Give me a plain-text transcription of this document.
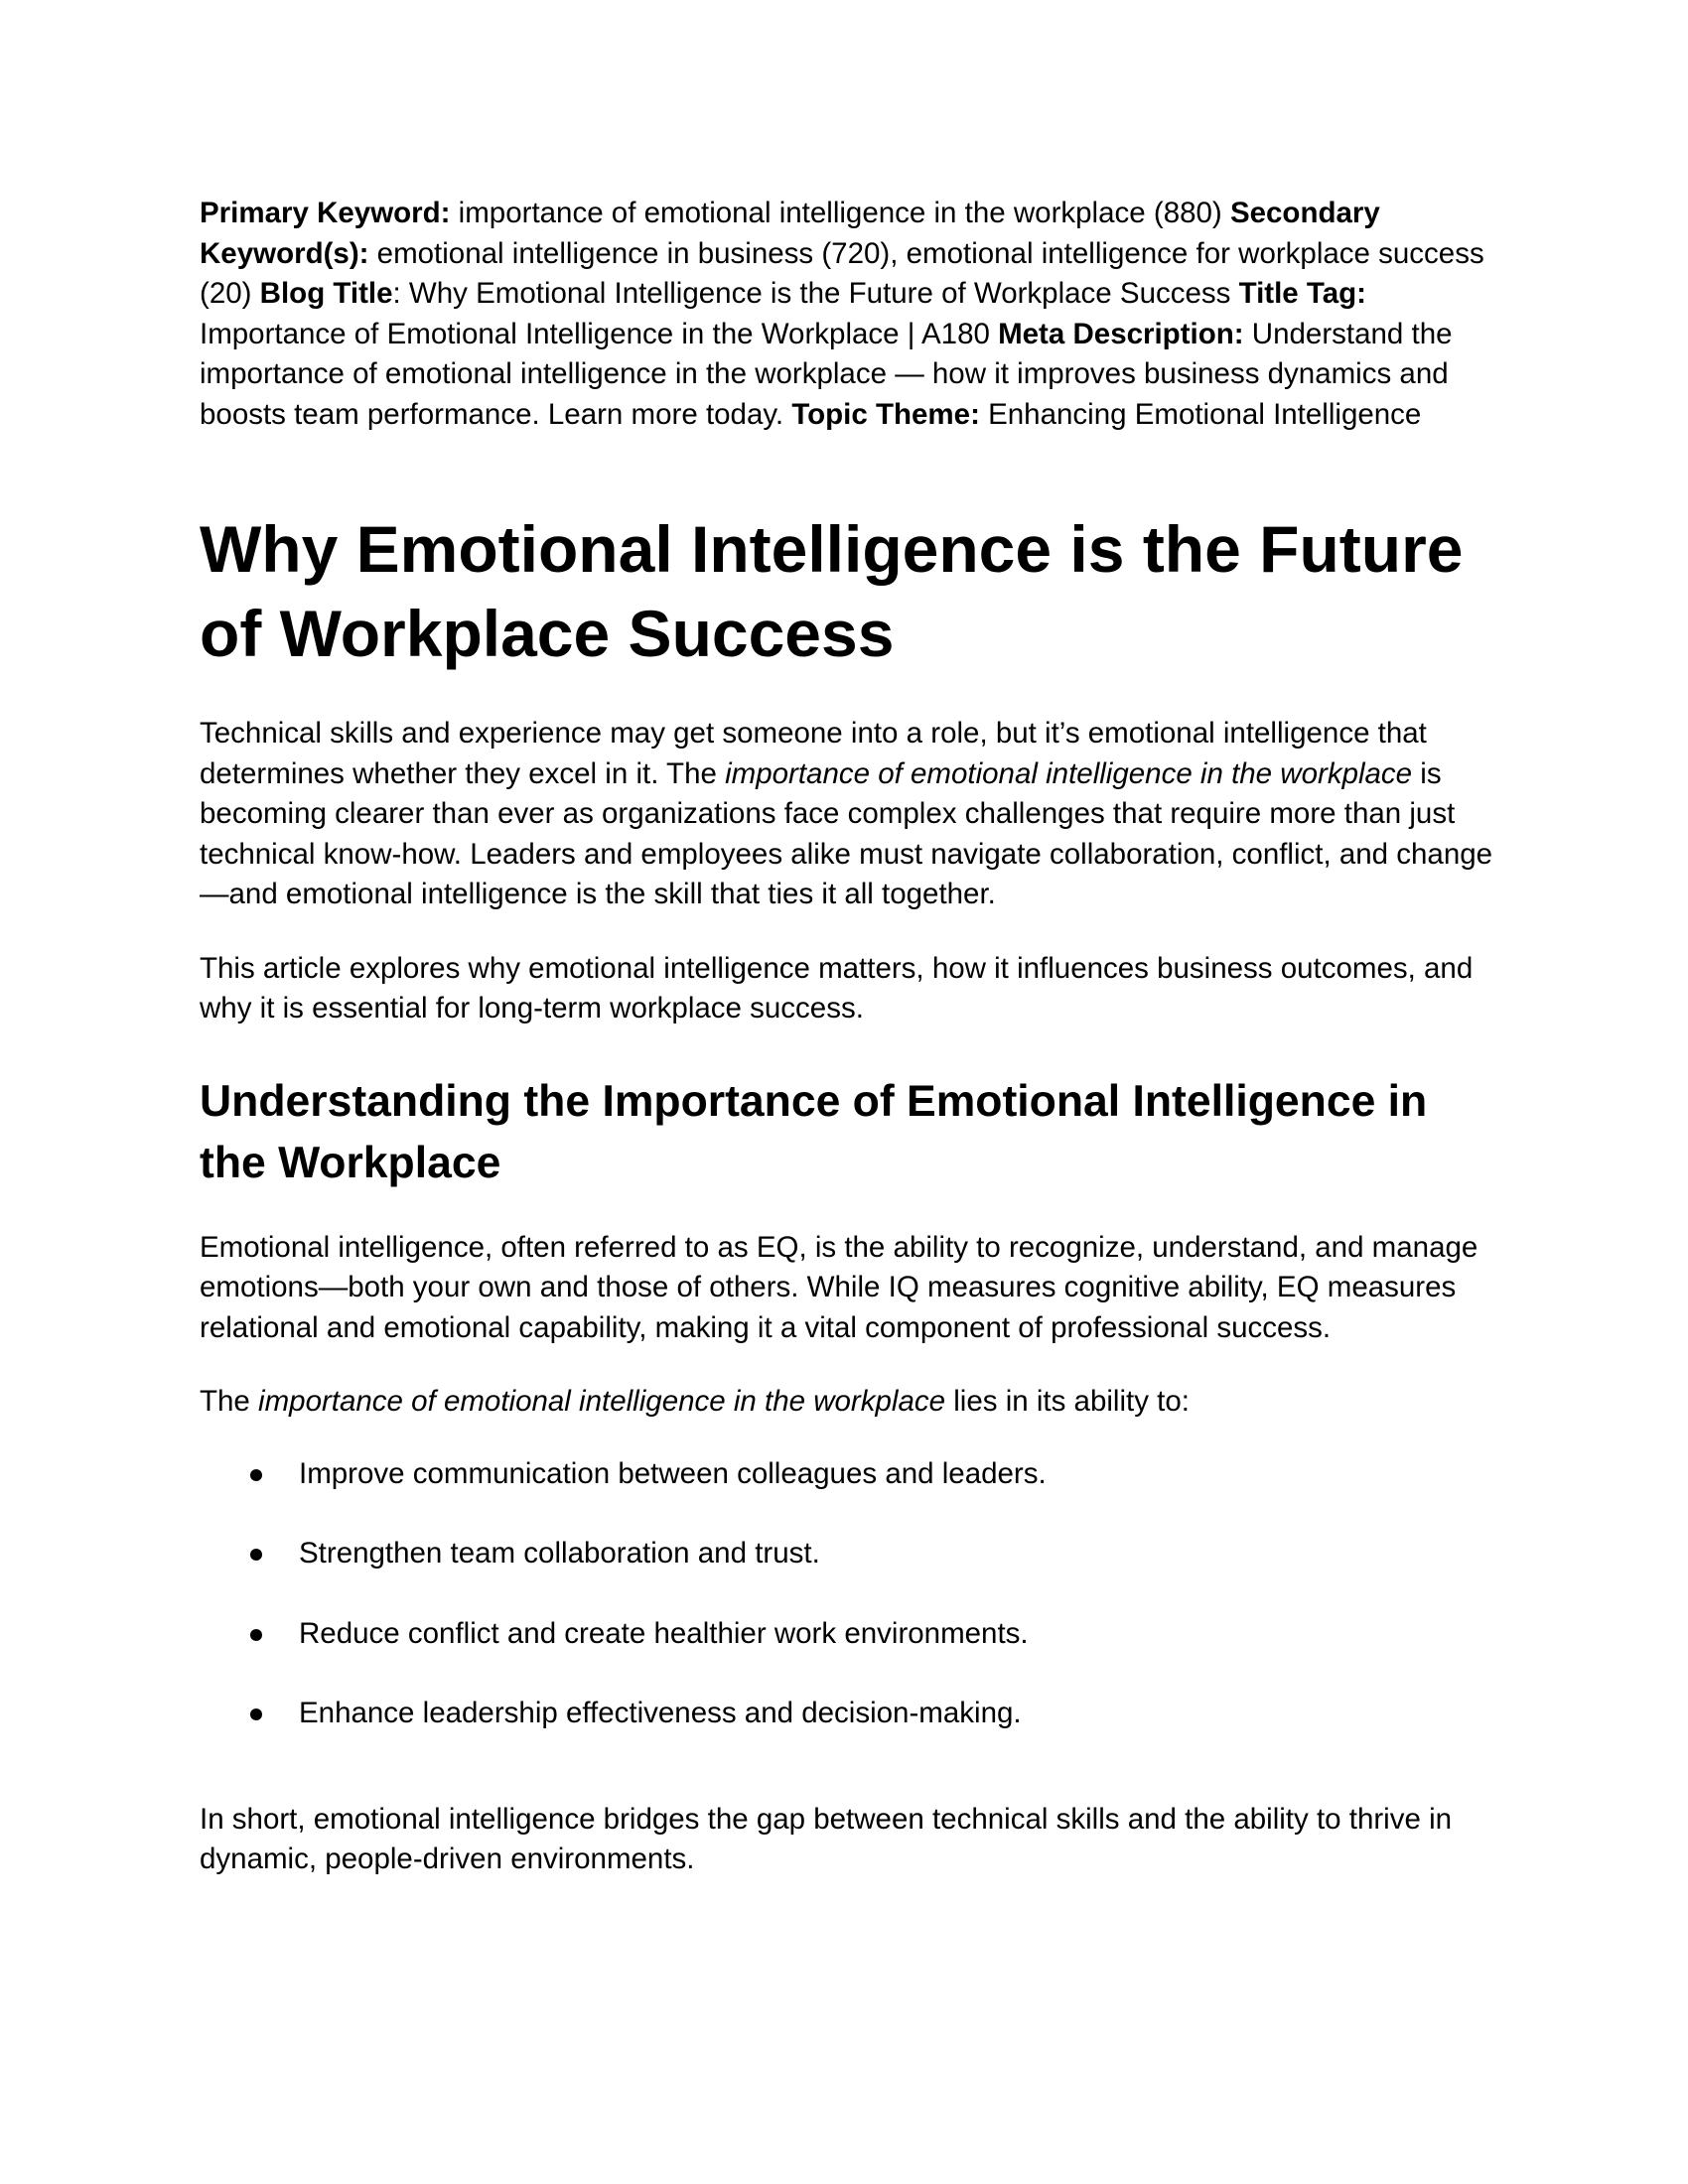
Primary Keyword: importance of emotional intelligence in the workplace (880) Secondary Keyword(s): emotional intelligence in business (720), emotional intelligence for workplace success (20) Blog Title: Why Emotional Intelligence is the Future of Workplace Success Title Tag: Importance of Emotional Intelligence in the Workplace | A180 Meta Description: Understand the importance of emotional intelligence in the workplace — how it improves business dynamics and boosts team performance. Learn more today. Topic Theme: Enhancing Emotional Intelligence

Why Emotional Intelligence is the Future of Workplace Success

Technical skills and experience may get someone into a role, but it’s emotional intelligence that determines whether they excel in it. The importance of emotional intelligence in the workplace is becoming clearer than ever as organizations face complex challenges that require more than just technical know-how. Leaders and employees alike must navigate collaboration, conflict, and change—and emotional intelligence is the skill that ties it all together.

This article explores why emotional intelligence matters, how it influences business outcomes, and why it is essential for long-term workplace success.

Understanding the Importance of Emotional Intelligence in the Workplace

Emotional intelligence, often referred to as EQ, is the ability to recognize, understand, and manage emotions—both your own and those of others. While IQ measures cognitive ability, EQ measures relational and emotional capability, making it a vital component of professional success.

The importance of emotional intelligence in the workplace lies in its ability to:

Improve communication between colleagues and leaders.
Strengthen team collaboration and trust.
Reduce conflict and create healthier work environments.
Enhance leadership effectiveness and decision-making.

In short, emotional intelligence bridges the gap between technical skills and the ability to thrive in dynamic, people-driven environments.
